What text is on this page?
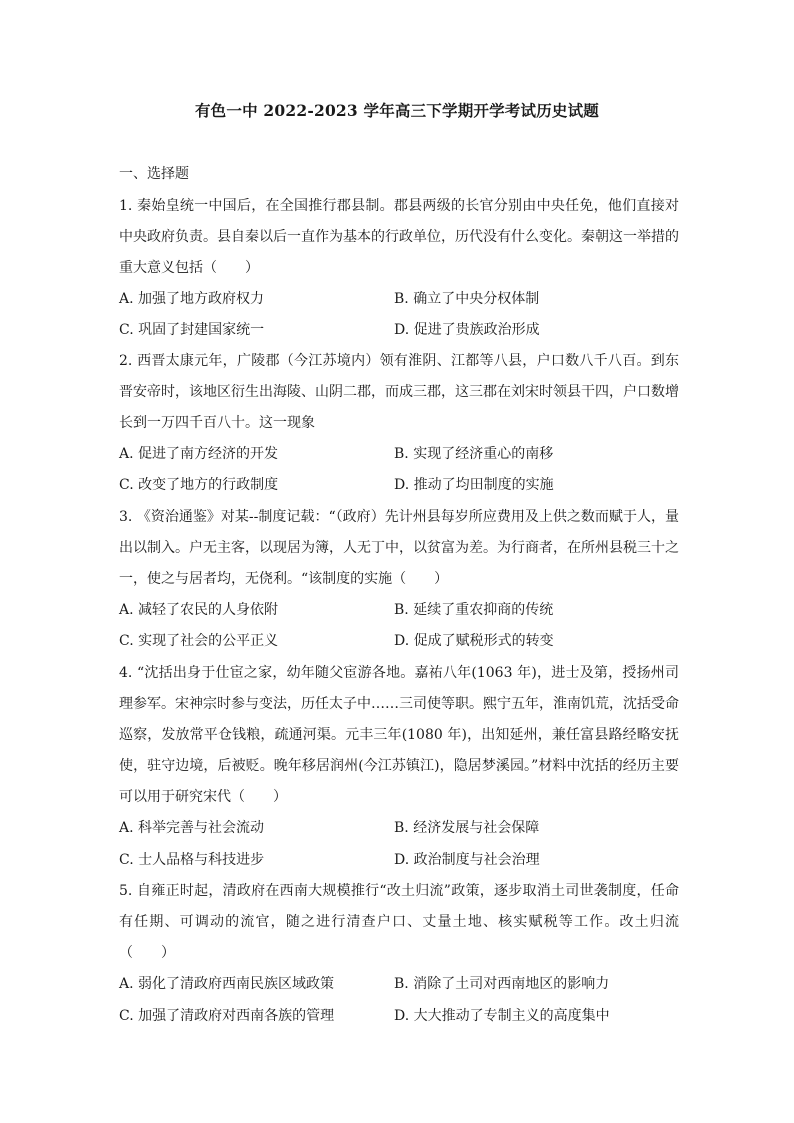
有色一中 2022-2023 学年高三下学期开学考试历史试题
一、选择题
1. 秦始皇统一中国后，在全国推行郡县制。郡县两级的长官分别由中央任免，他们直接对中央政府负责。县自秦以后一直作为基本的行政单位，历代没有什么变化。秦朝这一举措的重大意义包括（　　）
A. 加强了地方政府权力	B. 确立了中央分权体制
C. 巩固了封建国家统一	D. 促进了贵族政治形成
2. 西晋太康元年，广陵郡（今江苏境内）领有淮阴、江都等八县，户口数八千八百。到东晋安帝时，该地区衍生出海陵、山阴二郡，而成三郡，这三郡在刘宋时领县干四，户口数增长到一万四千百八十。这一现象
A. 促进了南方经济的开发	B. 实现了经济重心的南移
C. 改变了地方的行政制度	D. 推动了均田制度的实施
3. 《资治通鉴》对某--制度记载：“（政府）先计州县每岁所应费用及上供之数而赋于人，量出以制入。户无主客，以现居为簿，人无丁中，以贫富为差。为行商者，在所州县税三十之一，使之与居者均，无侥利。“该制度的实施（　　）
A. 减轻了农民的人身依附	B. 延续了重农抑商的传统
C. 实现了社会的公平正义	D. 促成了赋税形式的转变
4. “沈括出身于仕宦之家，幼年随父宦游各地。嘉祐八年(1063 年)，进士及第，授扬州司理参军。宋神宗时参与变法，历任太子中……三司使等职。熙宁五年，淮南饥荒，沈括受命巡察，发放常平仓钱粮，疏通河渠。元丰三年(1080 年)，出知延州，兼任富县路经略安抚使，驻守边境，后被贬。晚年移居润州(今江苏镇江)，隐居梦溪园。”材料中沈括的经历主要可以用于研究宋代（　　）
A. 科举完善与社会流动	B. 经济发展与社会保障
C. 士人品格与科技进步	D. 政治制度与社会治理
5. 自雍正时起，清政府在西南大规模推行“改土归流”政策，逐步取消土司世袭制度，任命有任期、可调动的流官，随之进行清查户口、丈量土地、核实赋税等工作。改土归流（　　）
A. 弱化了清政府西南民族区域政策	B. 消除了土司对西南地区的影响力
C. 加强了清政府对西南各族的管理	D. 大大推动了专制主义的高度集中
